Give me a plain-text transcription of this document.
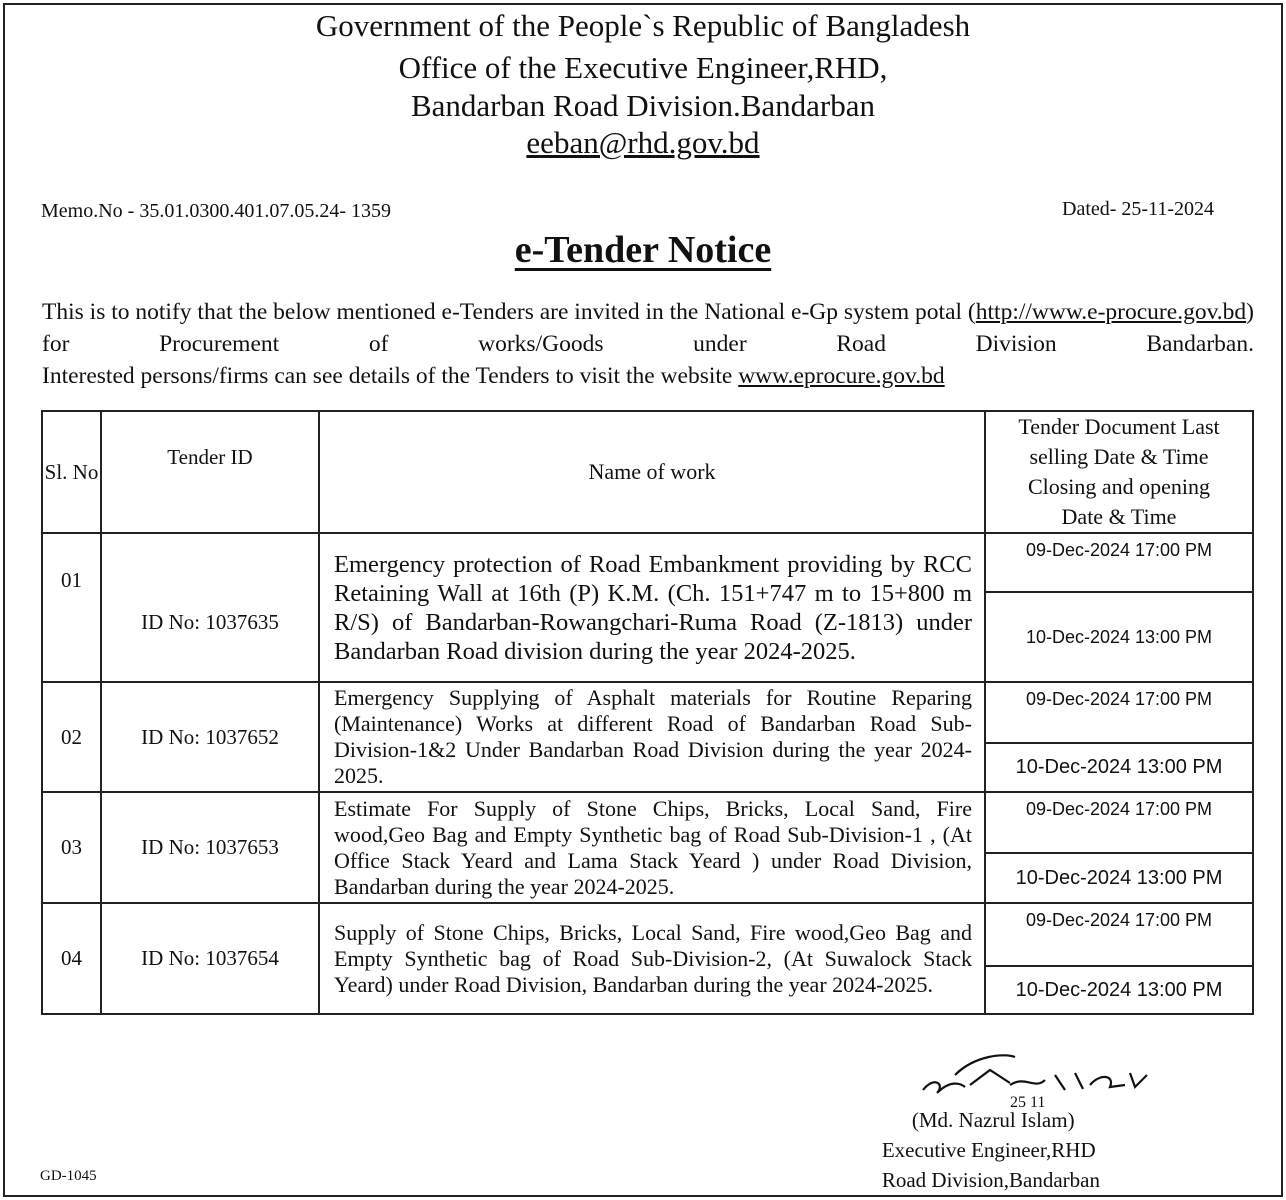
Government of the People`s Republic of Bangladesh
Office of the Executive Engineer,RHD,
Bandarban Road Division.Bandarban
eeban@rhd.gov.bd
Memo.No - 35.01.0300.401.07.05.24- 1359	Dated- 25-11-2024
e-Tender Notice
This is to notify that the below mentioned e-Tenders are invited in the National e-Gp system potal (http://www.e-procure.gov.bd) for Procurement of works/Goods under Road Division Bandarban.
Interested persons/firms can see details of the Tenders to visit the website www.eprocure.gov.bd
Sl. No	Tender ID	Name of work	Tender Document Last selling Date & Time Closing and opening Date & Time
01	ID No: 1037635	Emergency protection of Road Embankment providing by RCC Retaining Wall at 16th (P) K.M. (Ch. 151+747 m to 15+800 m R/S) of Bandarban-Rowangchari-Ruma Road (Z-1813) under Bandarban Road division during the year 2024-2025.	09-Dec-2024 17:00 PM
			10-Dec-2024 13:00 PM
02	ID No: 1037652	Emergency Supplying of Asphalt materials for Routine Reparing (Maintenance) Works at different Road of Bandarban Road Sub-Division-1&2 Under Bandarban Road Division during the year 2024-2025.	09-Dec-2024 17:00 PM
			10-Dec-2024 13:00 PM
03	ID No: 1037653	Estimate For Supply of Stone Chips, Bricks, Local Sand, Fire wood,Geo Bag and Empty Synthetic bag of Road Sub-Division-1 , (At Office Stack Yeard and Lama Stack Yeard ) under Road Division, Bandarban during the year 2024-2025.	09-Dec-2024 17:00 PM
			10-Dec-2024 13:00 PM
04	ID No: 1037654	Supply of Stone Chips, Bricks, Local Sand, Fire wood,Geo Bag and Empty Synthetic bag of Road Sub-Division-2, (At Suwalock Stack Yeard) under Road Division, Bandarban during the year 2024-2025.	09-Dec-2024 17:00 PM
			10-Dec-2024 13:00 PM
25 11
(Md. Nazrul Islam)
Executive Engineer,RHD
Road Division,Bandarban
GD-1045
